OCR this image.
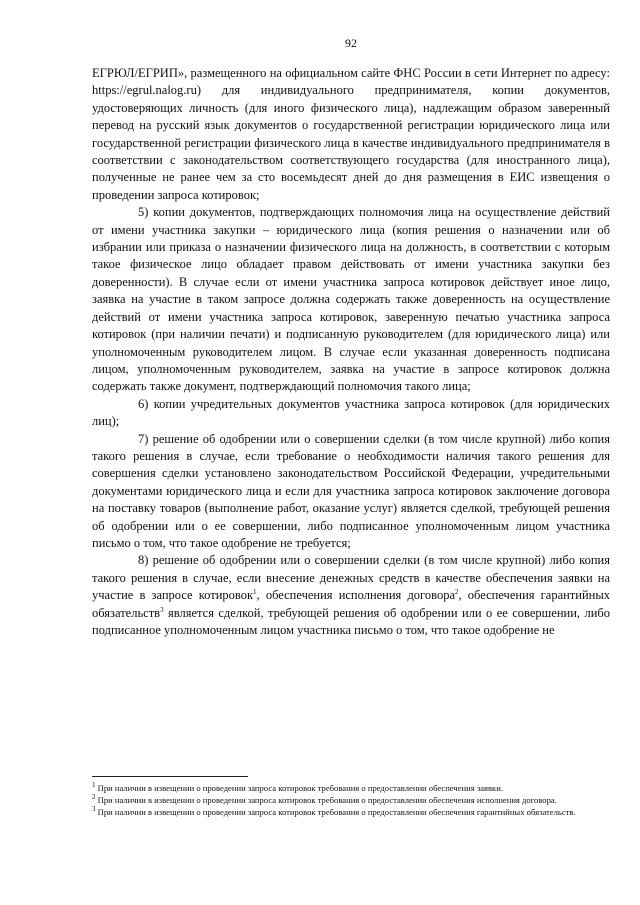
92

ЕГРЮЛ/ЕГРИП», размещенного на официальном сайте ФНС России в сети Интернет по адресу: https://egrul.nalog.ru) для индивидуального предпринимателя, копии документов, удостоверяющих личность (для иного физического лица), надлежащим образом заверенный перевод на русский язык документов о государственной регистрации юридического лица или государственной регистрации физического лица в качестве индивидуального предпринимателя в соответствии с законодательством соответствующего государства (для иностранного лица), полученные не ранее чем за сто восемьдесят дней до дня размещения в ЕИС извещения о проведении запроса котировок;

5) копии документов, подтверждающих полномочия лица на осуществление действий от имени участника закупки – юридического лица (копия решения о назначении или об избрании или приказа о назначении физического лица на должность, в соответствии с которым такое физическое лицо обладает правом действовать от имени участника закупки без доверенности). В случае если от имени участника запроса котировок действует иное лицо, заявка на участие в таком запросе должна содержать также доверенность на осуществление действий от имени участника запроса котировок, заверенную печатью участника запроса котировок (при наличии печати) и подписанную руководителем (для юридического лица) или уполномоченным руководителем лицом. В случае если указанная доверенность подписана лицом, уполномоченным руководителем, заявка на участие в запросе котировок должна содержать также документ, подтверждающий полномочия такого лица;

6) копии учредительных документов участника запроса котировок (для юридических лиц);

7) решение об одобрении или о совершении сделки (в том числе крупной) либо копия такого решения в случае, если требование о необходимости наличия такого решения для совершения сделки установлено законодательством Российской Федерации, учредительными документами юридического лица и если для участника запроса котировок заключение договора на поставку товаров (выполнение работ, оказание услуг) является сделкой, требующей решения об одобрении или о ее совершении, либо подписанное уполномоченным лицом участника письмо о том, что такое одобрение не требуется;

8) решение об одобрении или о совершении сделки (в том числе крупной) либо копия такого решения в случае, если внесение денежных средств в качестве обеспечения заявки на участие в запросе котировок$^1$, обеспечения исполнения договора$^2$, обеспечения гарантийных обязательств$^3$ является сделкой, требующей решения об одобрении или о ее совершении, либо подписанное уполномоченным лицом участника письмо о том, что такое одобрение не

$^1$ При наличии в извещении о проведении запроса котировок требования о предоставлении обеспечения заявки.

$^2$ При наличии в извещении о проведении запроса котировок требования о предоставлении обеспечения исполнения договора.

$^3$ При наличии в извещении о проведении запроса котировок требования о предоставлении обеспечения гарантийных обязательств.
